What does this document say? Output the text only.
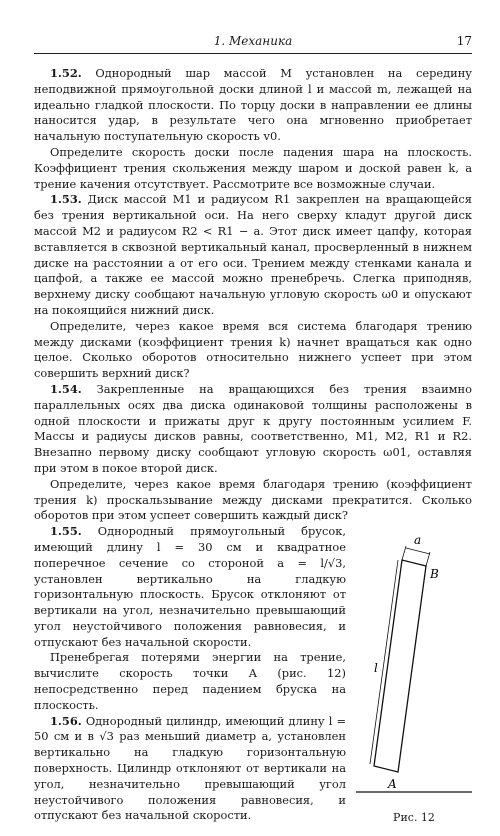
1. Механика	17

1.52. Однородный шар массой M установлен на середину неподвижной прямоугольной доски длиной l и массой m, лежащей на идеально гладкой плоскости. По торцу доски в направлении ее длины наносится удар, в результате чего она мгновенно приобретает начальную поступательную скорость v0.

Определите скорость доски после падения шара на плоскость. Коэффициент трения скольжения между шаром и доской равен k, а трение качения отсутствует. Рассмотрите все возможные случаи.

1.53. Диск массой M1 и радиусом R1 закреплен на вращающейся без трения вертикальной оси. На него сверху кладут другой диск массой M2 и радиусом R2 < R1 − a. Этот диск имеет цапфу, которая вставляется в сквозной вертикальный канал, просверленный в нижнем диске на расстоянии a от его оси. Трением между стенками канала и цапфой, а также ее массой можно пренебречь. Слегка приподняв, верхнему диску сообщают начальную угловую скорость ω0 и опускают на покоящийся нижний диск.

Определите, через какое время вся система благодаря трению между дисками (коэффициент трения k) начнет вращаться как одно целое. Сколько оборотов относительно нижнего успеет при этом совершить верхний диск?

1.54. Закрепленные на вращающихся без трения взаимно параллельных осях два диска одинаковой толщины расположены в одной плоскости и прижаты друг к другу постоянным усилием F. Массы и радиусы дисков равны, соответственно, M1, M2, R1 и R2. Внезапно первому диску сообщают угловую скорость ω01, оставляя при этом в покое второй диск.

Определите, через какое время благодаря трению (коэффициент трения k) проскальзывание между дисками прекратится. Сколько оборотов при этом успеет совершить каждый диск?

a
l
B
A
Рис. 12

1.55. Однородный прямоугольный брусок, имеющий длину l = 30 см и квадратное поперечное сечение со стороной a = l/√3, установлен вертикально на гладкую горизонтальную плоскость. Брусок отклоняют от вертикали на угол, незначительно превышающий угол неустойчивого положения равновесия, и отпускают без начальной скорости.

Пренебрегая потерями энергии на трение, вычислите скорость точки A (рис. 12) непосредственно перед падением бруска на плоскость.

1.56. Однородный цилиндр, имеющий длину l = 50 см и в √3 раз меньший диаметр a, установлен вертикально на гладкую горизонтальную поверхность. Цилиндр отклоняют от вертикали на угол, незначительно превышающий угол неустойчивого положения равновесия, и отпускают без начальной скорости.
